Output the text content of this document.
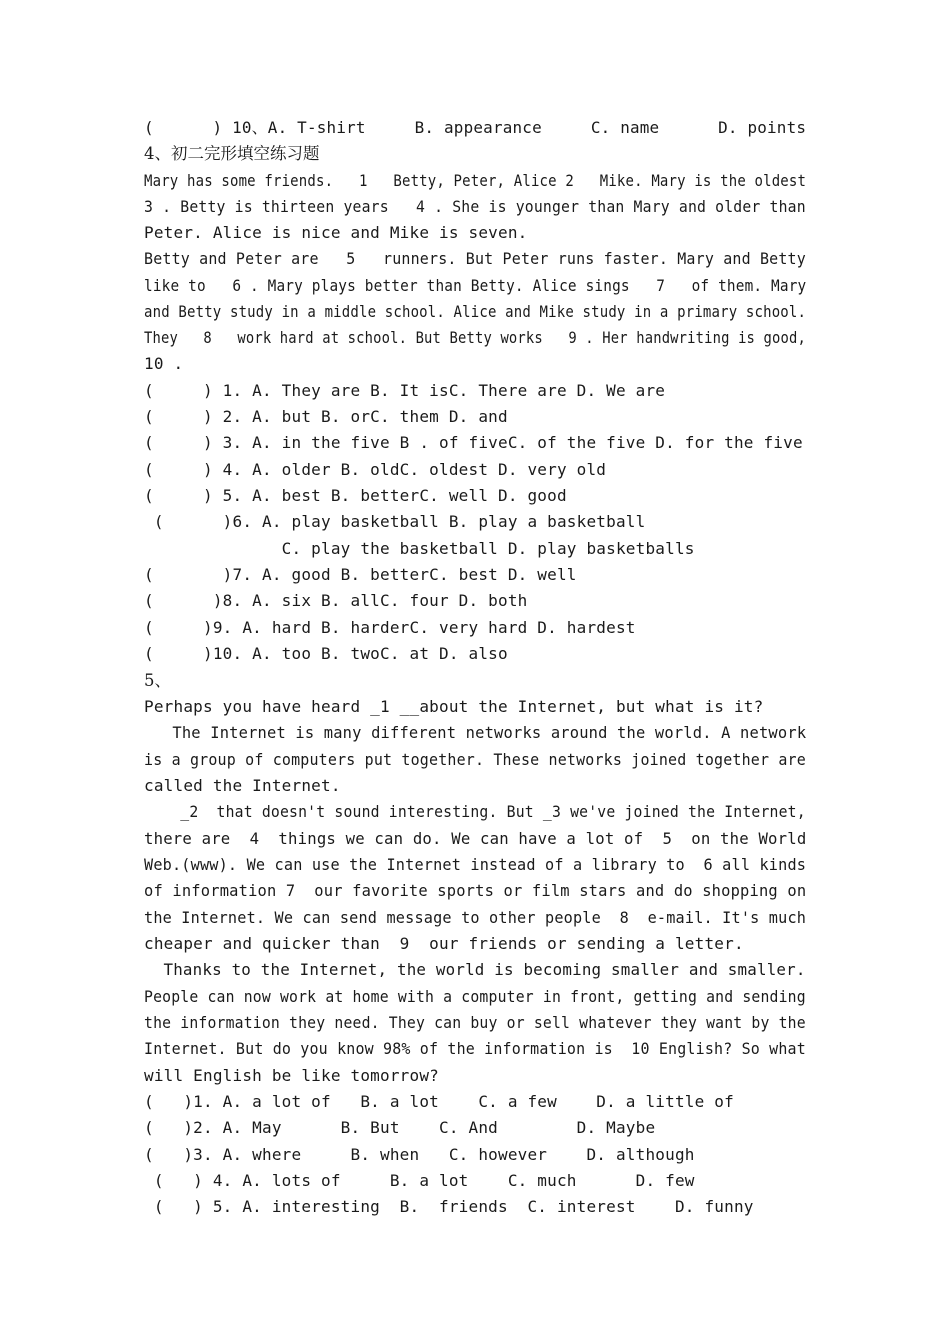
(      ) 10、A. T-shirt     B. appearance     C. name      D. points
4、初二完形填空练习题
Mary has some friends.   1   Betty, Peter, Alice 2   Mike. Mary is the oldest
3 . Betty is thirteen years   4 . She is younger than Mary and older than
Peter. Alice is nice and Mike is seven.
Betty and Peter are   5   runners. But Peter runs faster. Mary and Betty
like to   6 . Mary plays better than Betty. Alice sings   7   of them. Mary
and Betty study in a middle school. Alice and Mike study in a primary school.
They   8   work hard at school. But Betty works   9 . Her handwriting is good,
10 .
(     ) 1. A. They are B. It isC. There are D. We are
(     ) 2. A. but B. orC. them D. and
(     ) 3. A. in the five B . of fiveC. of the five D. for the five
(     ) 4. A. older B. oldC. oldest D. very old
(     ) 5. A. best B. betterC. well D. good
(      )6. A. play basketball B. play a basketball
C. play the basketball D. play basketballs
(       )7. A. good B. betterC. best D. well
(      )8. A. six B. allC. four D. both
(     )9. A. hard B. harderC. very hard D. hardest
(     )10. A. too B. twoC. at D. also
5、
Perhaps you have heard _1 __about the Internet, but what is it?
The Internet is many different networks around the world. A network
is a group of computers put together. These networks joined together are
called the Internet.
_2  that doesn't sound interesting. But _3 we've joined the Internet,
there are  4  things we can do. We can have a lot of  5  on the World
Web.(www). We can use the Internet instead of a library to  6 all kinds
of information 7  our favorite sports or film stars and do shopping on
the Internet. We can send message to other people  8  e-mail. It's much
cheaper and quicker than  9  our friends or sending a letter.
Thanks to the Internet, the world is becoming smaller and smaller.
People can now work at home with a computer in front, getting and sending
the information they need. They can buy or sell whatever they want by the
Internet. But do you know 98% of the information is  10 English? So what
will English be like tomorrow?
(   )1. A. a lot of   B. a lot    C. a few    D. a little of
(   )2. A. May      B. But    C. And        D. Maybe
(   )3. A. where     B. when   C. however    D. although
(   ) 4. A. lots of     B. a lot    C. much      D. few
(   ) 5. A. interesting  B.  friends  C. interest    D. funny
